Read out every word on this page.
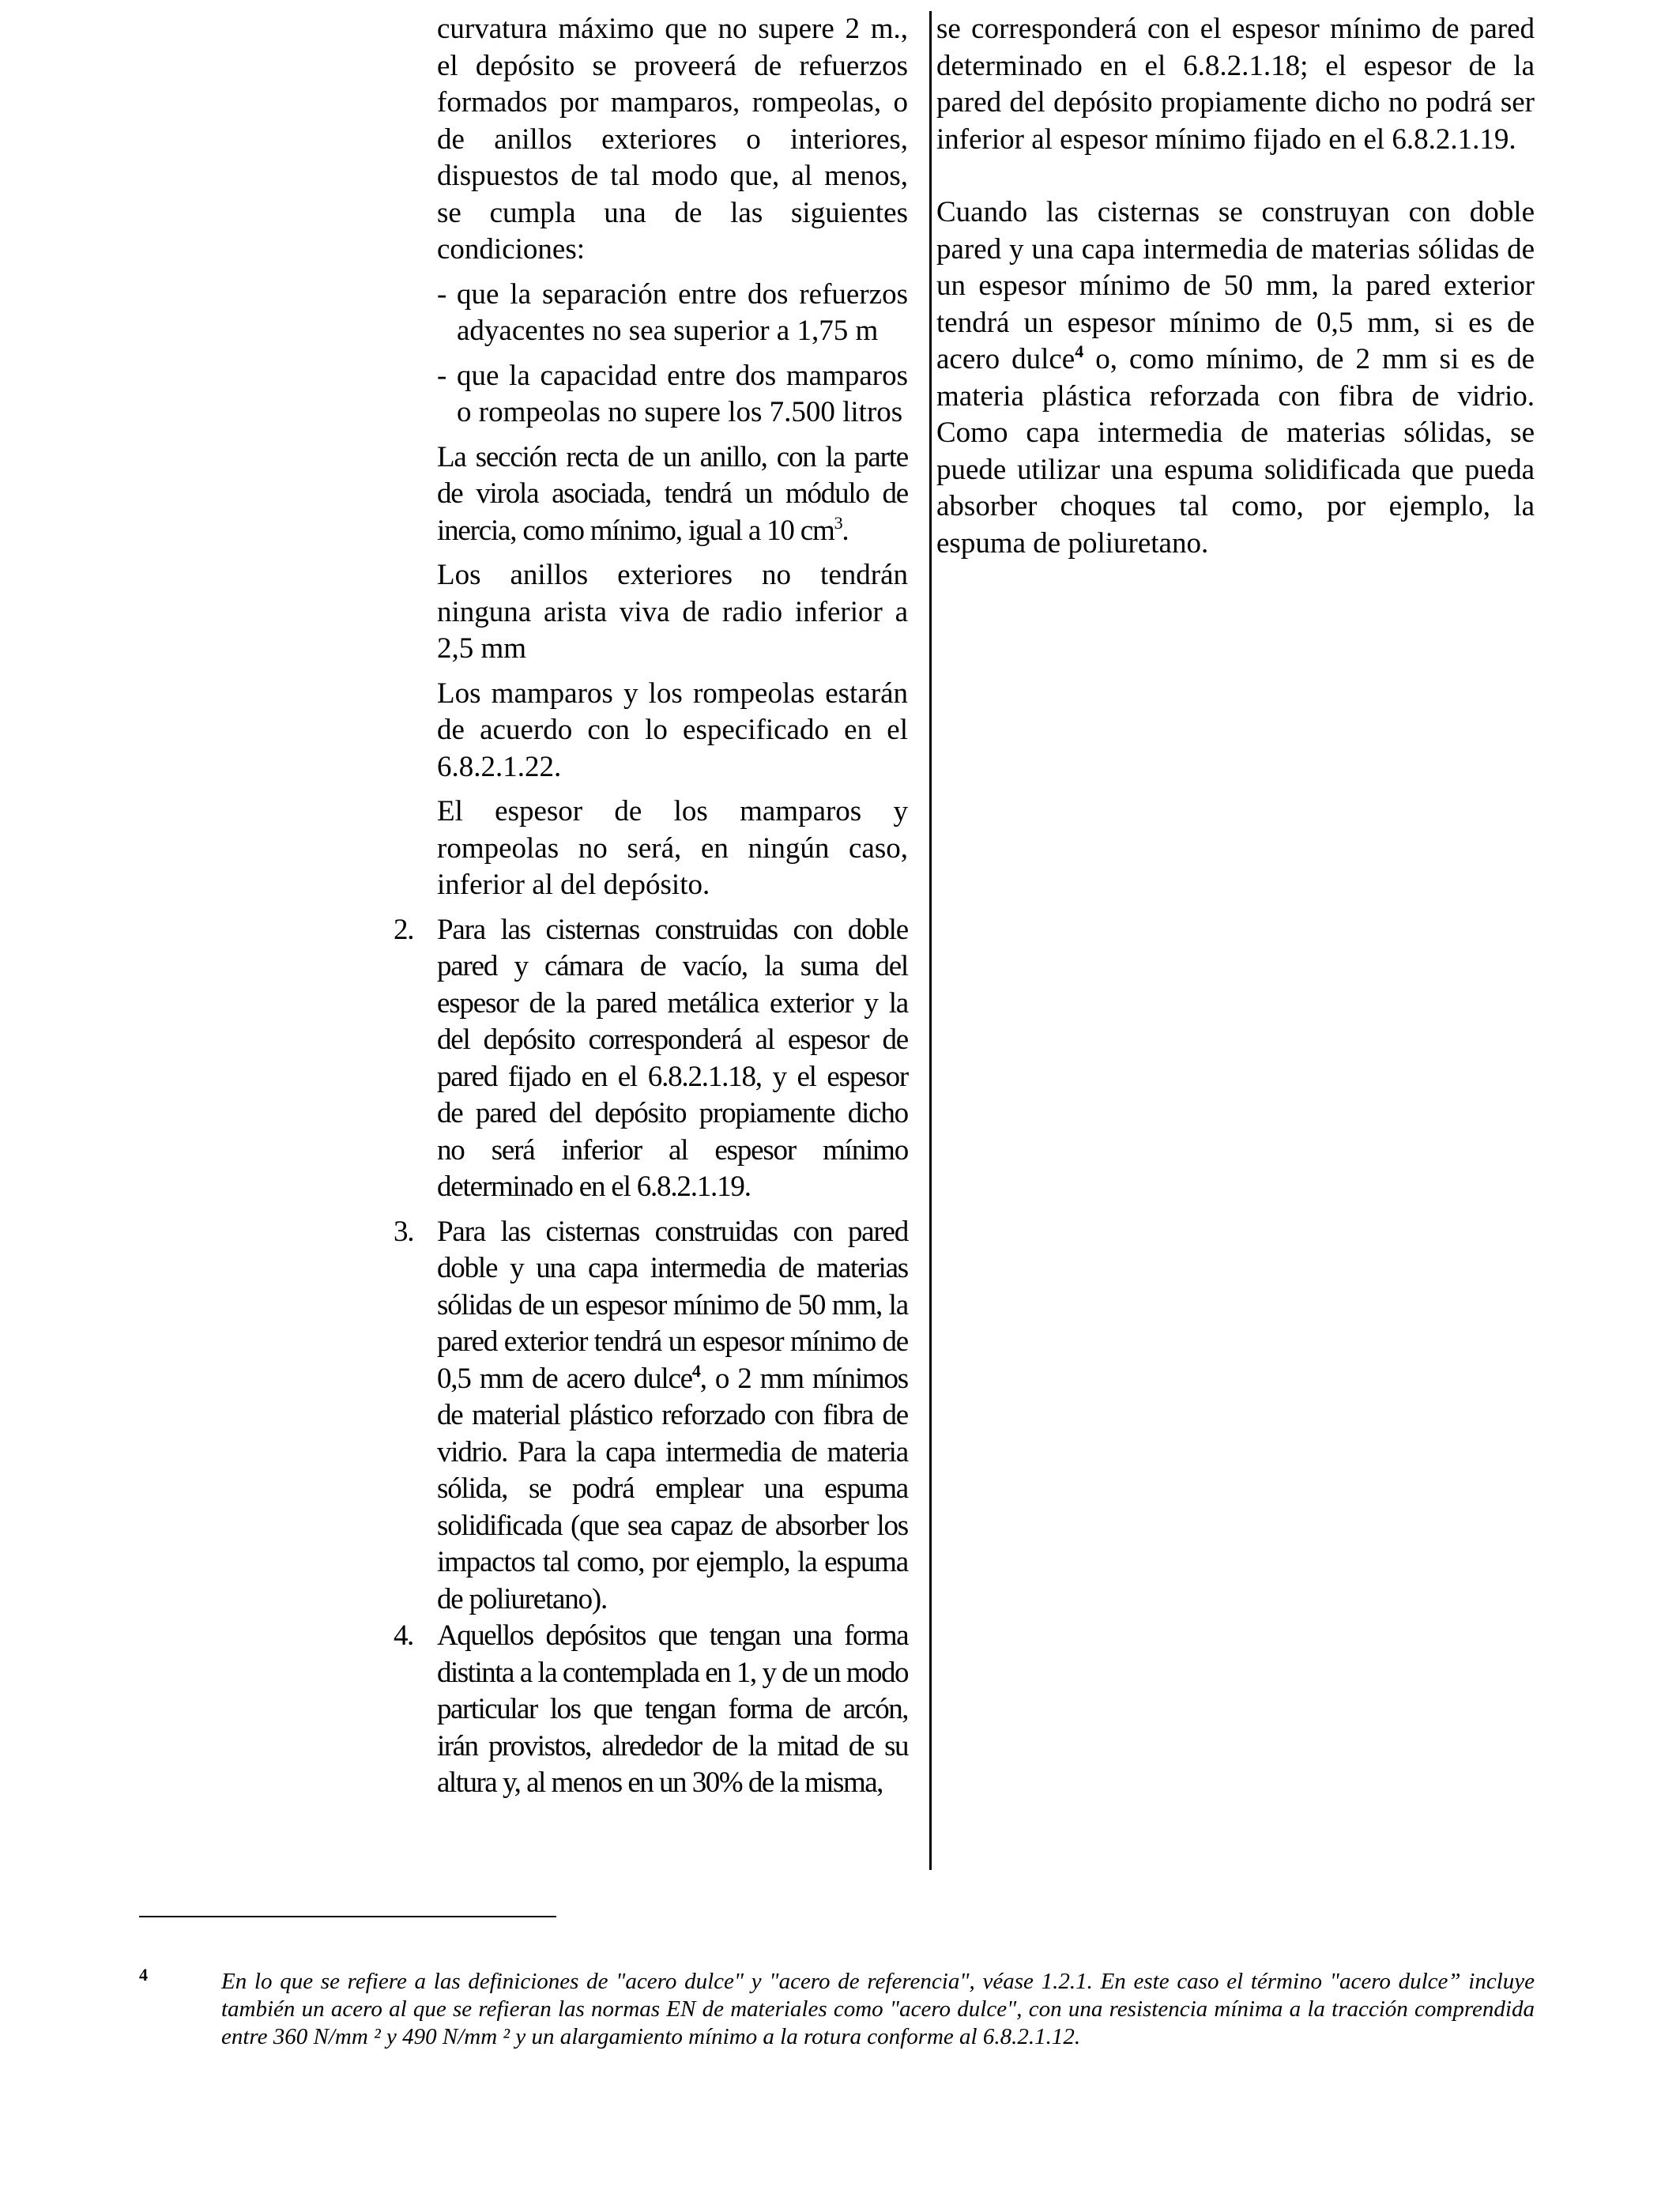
curvatura máximo que no supere 2 m., el depósito se proveerá de refuerzos formados por mamparos, rompeolas, o de anillos exteriores o interiores, dispuestos de tal modo que, al menos, se cumpla una de las siguientes condiciones:

- que la separación entre dos refuerzos adyacentes no sea superior a 1,75 m
- que la capacidad entre dos mamparos o rompeolas no supere los 7.500 litros

La sección recta de un anillo, con la parte de virola asociada, tendrá un módulo de inercia, como mínimo, igual a 10 $cm^3$.

Los anillos exteriores no tendrán ninguna arista viva de radio inferior a 2,5 mm

Los mamparos y los rompeolas estarán de acuerdo con lo especificado en el 6.8.2.1.22.

El espesor de los mamparos y rompeolas no será, en ningún caso, inferior al del depósito.

2. Para las cisternas construidas con doble pared y cámara de vacío, la suma del espesor de la pared metálica exterior y la del depósito corresponderá al espesor de pared fijado en el 6.8.2.1.18, y el espesor de pared del depósito propiamente dicho no será inferior al espesor mínimo determinado en el 6.8.2.1.19.
3. Para las cisternas construidas con pared doble y una capa intermedia de materias sólidas de un espesor mínimo de 50 mm, la pared exterior tendrá un espesor mínimo de 0,5 mm de acero dulce$^4$, o 2 mm mínimos de material plástico reforzado con fibra de vidrio. Para la capa intermedia de materia sólida, se podrá emplear una espuma solidificada (que sea capaz de absorber los impactos tal como, por ejemplo, la espuma de poliuretano).
4. Aquellos depósitos que tengan una forma distinta a la contemplada en 1, y de un modo particular los que tengan forma de arcón, irán provistos, alrededor de la mitad de su altura y, al menos en un 30% de la misma,

se corresponderá con el espesor mínimo de pared determinado en el 6.8.2.1.18; el espesor de la pared del depósito propiamente dicho no podrá ser inferior al espesor mínimo fijado en el 6.8.2.1.19.

Cuando las cisternas se construyan con doble pared y una capa intermedia de materias sólidas de un espesor mínimo de 50 mm, la pared exterior tendrá un espesor mínimo de 0,5 mm, si es de acero dulce$^4$ o, como mínimo, de 2 mm si es de materia plástica reforzada con fibra de vidrio. Como capa intermedia de materias sólidas, se puede utilizar una espuma solidificada que pueda absorber choques tal como, por ejemplo, la espuma de poliuretano.

4	En lo que se refiere a las definiciones de "acero dulce" y "acero de referencia", véase 1.2.1. En este caso el término "acero dulce” incluye también un acero al que se refieran las normas EN de materiales como "acero dulce", con una resistencia mínima a la tracción comprendida entre 360 N/mm ² y 490 N/mm ² y un alargamiento mínimo a la rotura conforme al 6.8.2.1.12.
